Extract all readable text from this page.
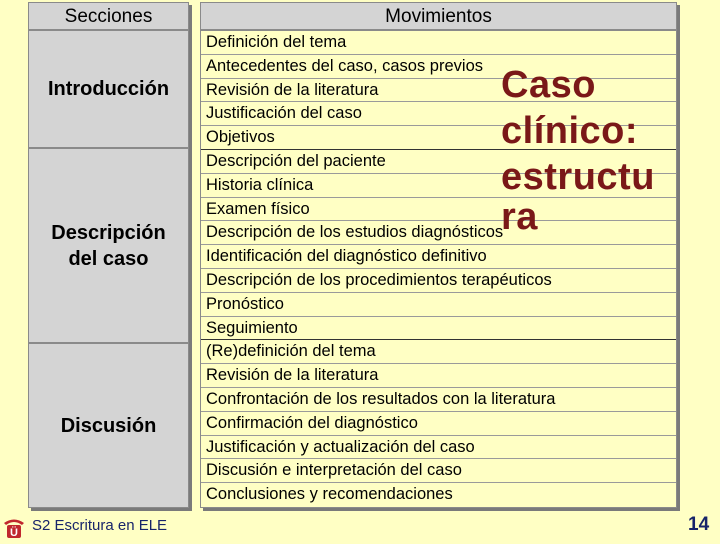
Secciones	Movimientos
Introducción
Descripción
del caso
Discusión
Definición del tema
Antecedentes del caso, casos previos
Revisión de la literatura
Justificación del caso
Objetivos
Descripción del paciente
Historia clínica
Examen físico
Descripción de los estudios diagnósticos
Identificación del diagnóstico definitivo
Descripción de los procedimientos terapéuticos
Pronóstico
Seguimiento
(Re)definición del tema
Revisión de la literatura
Confrontación de los resultados con la literatura
Confirmación del diagnóstico
Justificación y actualización del caso
Discusión e interpretación del caso
Conclusiones y recomendaciones
Caso
clínico:
estructu
ra
Ü S2 Escritura en ELE	14
